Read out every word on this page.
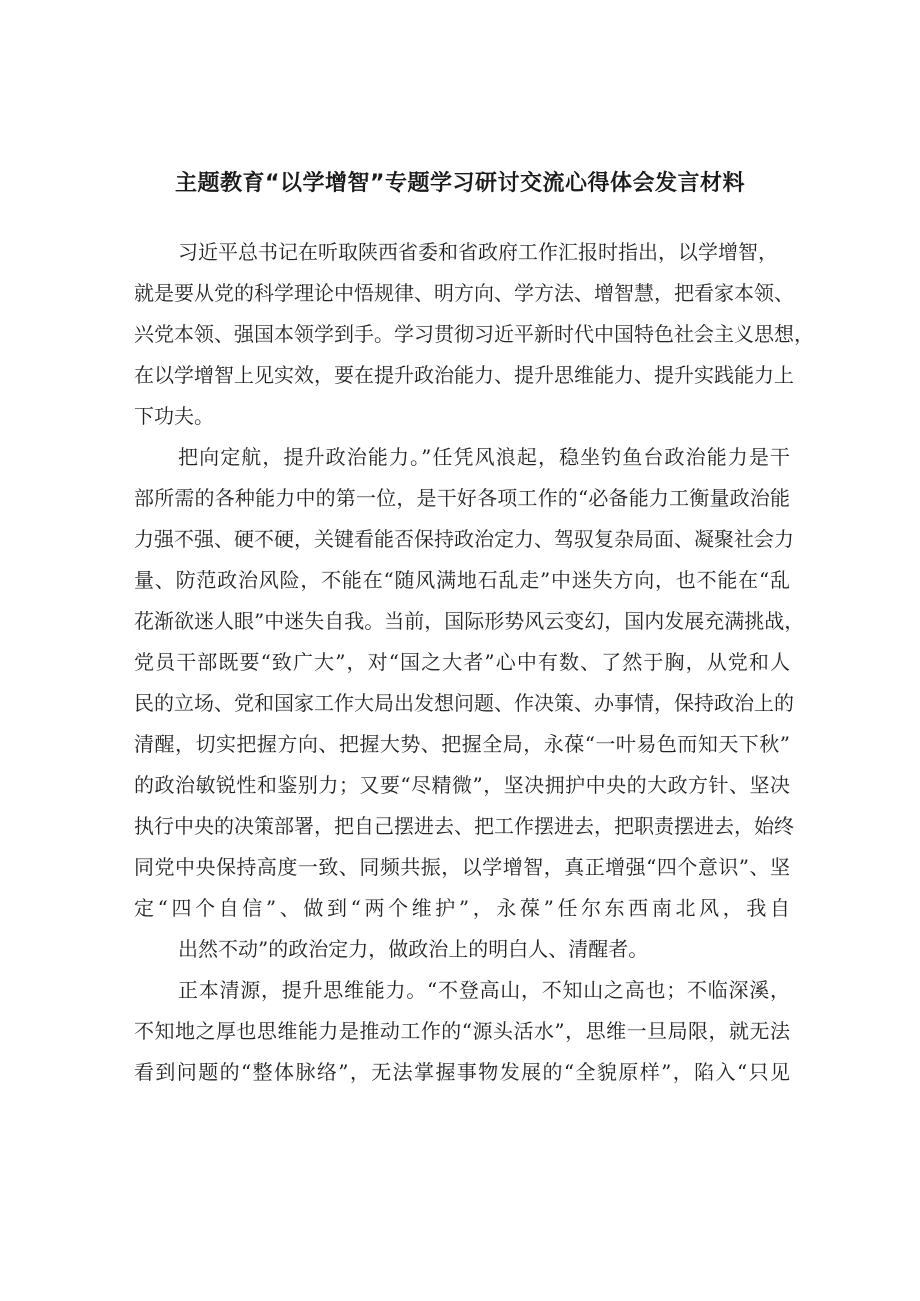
主题教育“以学增智”专题学习研讨交流心得体会发言材料
习近平总书记在听取陕西省委和省政府工作汇报时指出，以学增智，
就是要从党的科学理论中悟规律、明方向、学方法、增智慧，把看家本领、
兴党本领、强国本领学到手。学习贯彻习近平新时代中国特色社会主义思想，
在以学增智上见实效，要在提升政治能力、提升思维能力、提升实践能力上
下功夫。
把向定航，提升政治能力。”任凭风浪起，稳坐钓鱼台政治能力是干
部所需的各种能力中的第一位，是干好各项工作的“必备能力工衡量政治能
力强不强、硬不硬，关键看能否保持政治定力、驾驭复杂局面、凝聚社会力
量、防范政治风险，不能在“随风满地石乱走”中迷失方向，也不能在“乱
花渐欲迷人眼”中迷失自我。当前，国际形势风云变幻，国内发展充满挑战，
党员干部既要“致广大”，对“国之大者”心中有数、了然于胸，从党和人
民的立场、党和国家工作大局出发想问题、作决策、办事情，保持政治上的
清醒，切实把握方向、把握大势、把握全局，永葆“一叶易色而知天下秋”
的政治敏锐性和鉴别力；又要“尽精微”，坚决拥护中央的大政方针、坚决
执行中央的决策部署，把自己摆进去、把工作摆进去，把职责摆进去，始终
同党中央保持高度一致、同频共振，以学增智，真正增强“四个意识”、坚
定“四个自信”、做到“两个维护”，永葆”任尔东西南北风，我自
出然不动”的政治定力，做政治上的明白人、清醒者。
正本清源，提升思维能力。“不登高山，不知山之高也；不临深溪，
不知地之厚也思维能力是推动工作的“源头活水”，思维一旦局限，就无法
看到问题的“整体脉络”，无法掌握事物发展的“全貌原样”，陷入“只见
